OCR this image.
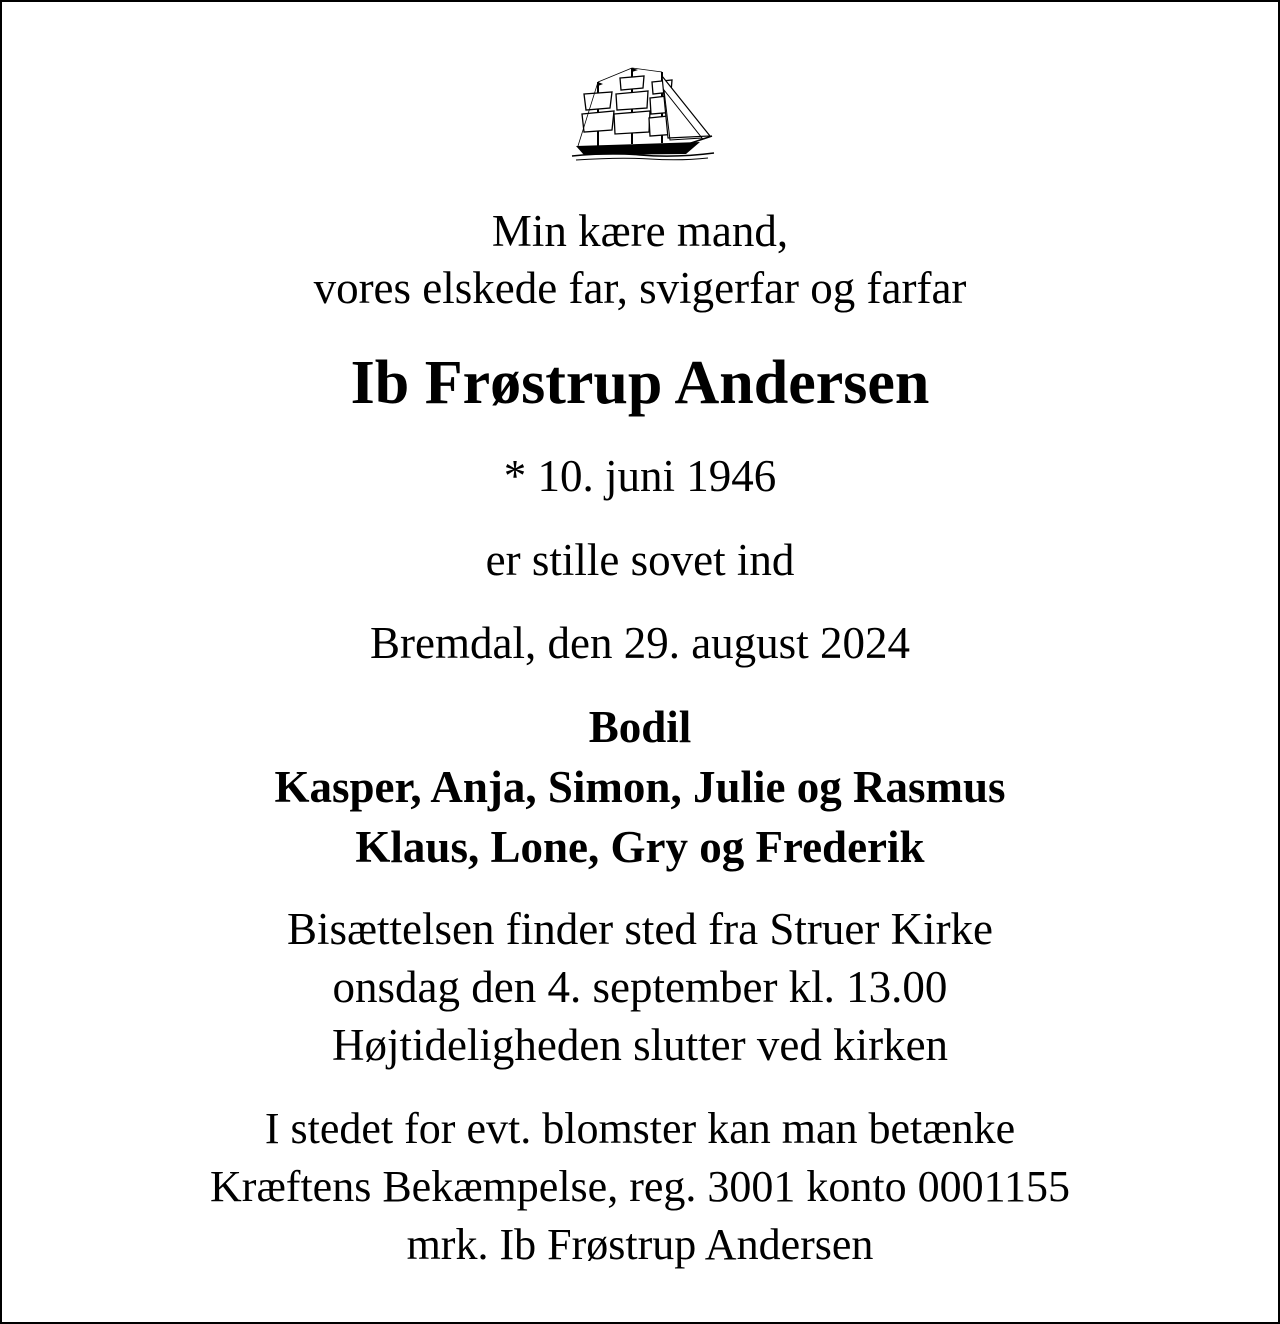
Min kære mand,
vores elskede far, svigerfar og farfar
Ib Frøstrup Andersen
* 10. juni 1946
er stille sovet ind
Bremdal, den 29. august 2024
Bodil
Kasper, Anja, Simon, Julie og Rasmus
Klaus, Lone, Gry og Frederik
Bisættelsen finder sted fra Struer Kirke
onsdag den 4. september kl. 13.00
Højtideligheden slutter ved kirken
I stedet for evt. blomster kan man betænke
Kræftens Bekæmpelse, reg. 3001 konto 0001155
mrk. Ib Frøstrup Andersen
